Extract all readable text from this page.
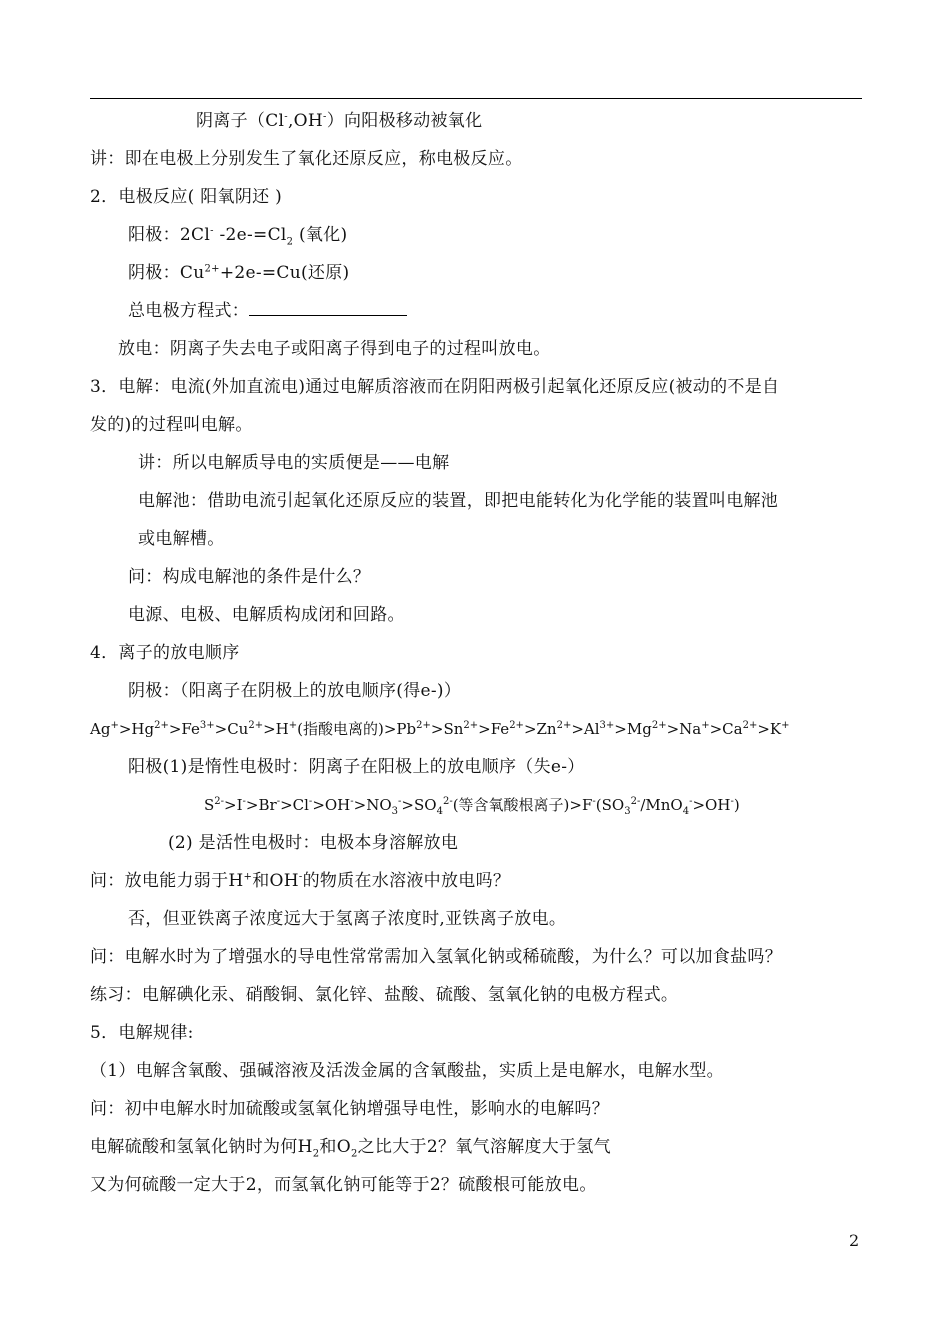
阴离子（Cl-,OH-）向阳极移动被氧化
讲：即在电极上分别发生了氧化还原反应，称电极反应。
2．电极反应( 阳氧阴还 )
阳极：2Cl- $-2e-=Cl_2$ (氧化)
阴极：$Cu^{2+}+2e-=Cu$(还原)
总电极方程式：
放电：阴离子失去电子或阳离子得到电子的过程叫放电。
3．电解：电流(外加直流电)通过电解质溶液而在阴阳两极引起氧化还原反应(被动的不是自
发的)的过程叫电解。
讲：所以电解质导电的实质便是——电解
电解池：借助电流引起氧化还原反应的装置，即把电能转化为化学能的装置叫电解池
或电解槽。
问：构成电解池的条件是什么？
电源、电极、电解质构成闭和回路。
4．离子的放电顺序
阴极：（阳离子在阴极上的放电顺序(得e-)）
$Ag^+>Hg^{2+}>Fe^{3+}>Cu^{2+}>H^+$(指酸电离的)$>Pb^{2+}>Sn^{2+}>Fe^{2+}>Zn^{2+}>Al^{3+}>Mg^{2+}>Na^+>Ca^{2+}>K^+$
阳极(1)是惰性电极时：阴离子在阳极上的放电顺序（失e-）
$S^{2-}>I^->Br^->Cl^->OH^->NO_3^->SO_4^{2-}$(等含氧酸根离子)$>F^-(SO_3^{2-}/MnO_4^->OH^-)$
(2) 是活性电极时：电极本身溶解放电
问：放电能力弱于H+和OH-的物质在水溶液中放电吗？
否，但亚铁离子浓度远大于氢离子浓度时,亚铁离子放电。
问：电解水时为了增强水的导电性常常需加入氢氧化钠或稀硫酸，为什么？可以加食盐吗？
练习：电解碘化汞、硝酸铜、氯化锌、盐酸、硫酸、氢氧化钠的电极方程式。
5．电解规律:
（1）电解含氧酸、强碱溶液及活泼金属的含氧酸盐，实质上是电解水，电解水型。
问：初中电解水时加硫酸或氢氧化钠增强导电性，影响水的电解吗？
电解硫酸和氢氧化钠时为何$H_2$和$O_2$之比大于2？氧气溶解度大于氢气
又为何硫酸一定大于2，而氢氧化钠可能等于2？硫酸根可能放电。
2
